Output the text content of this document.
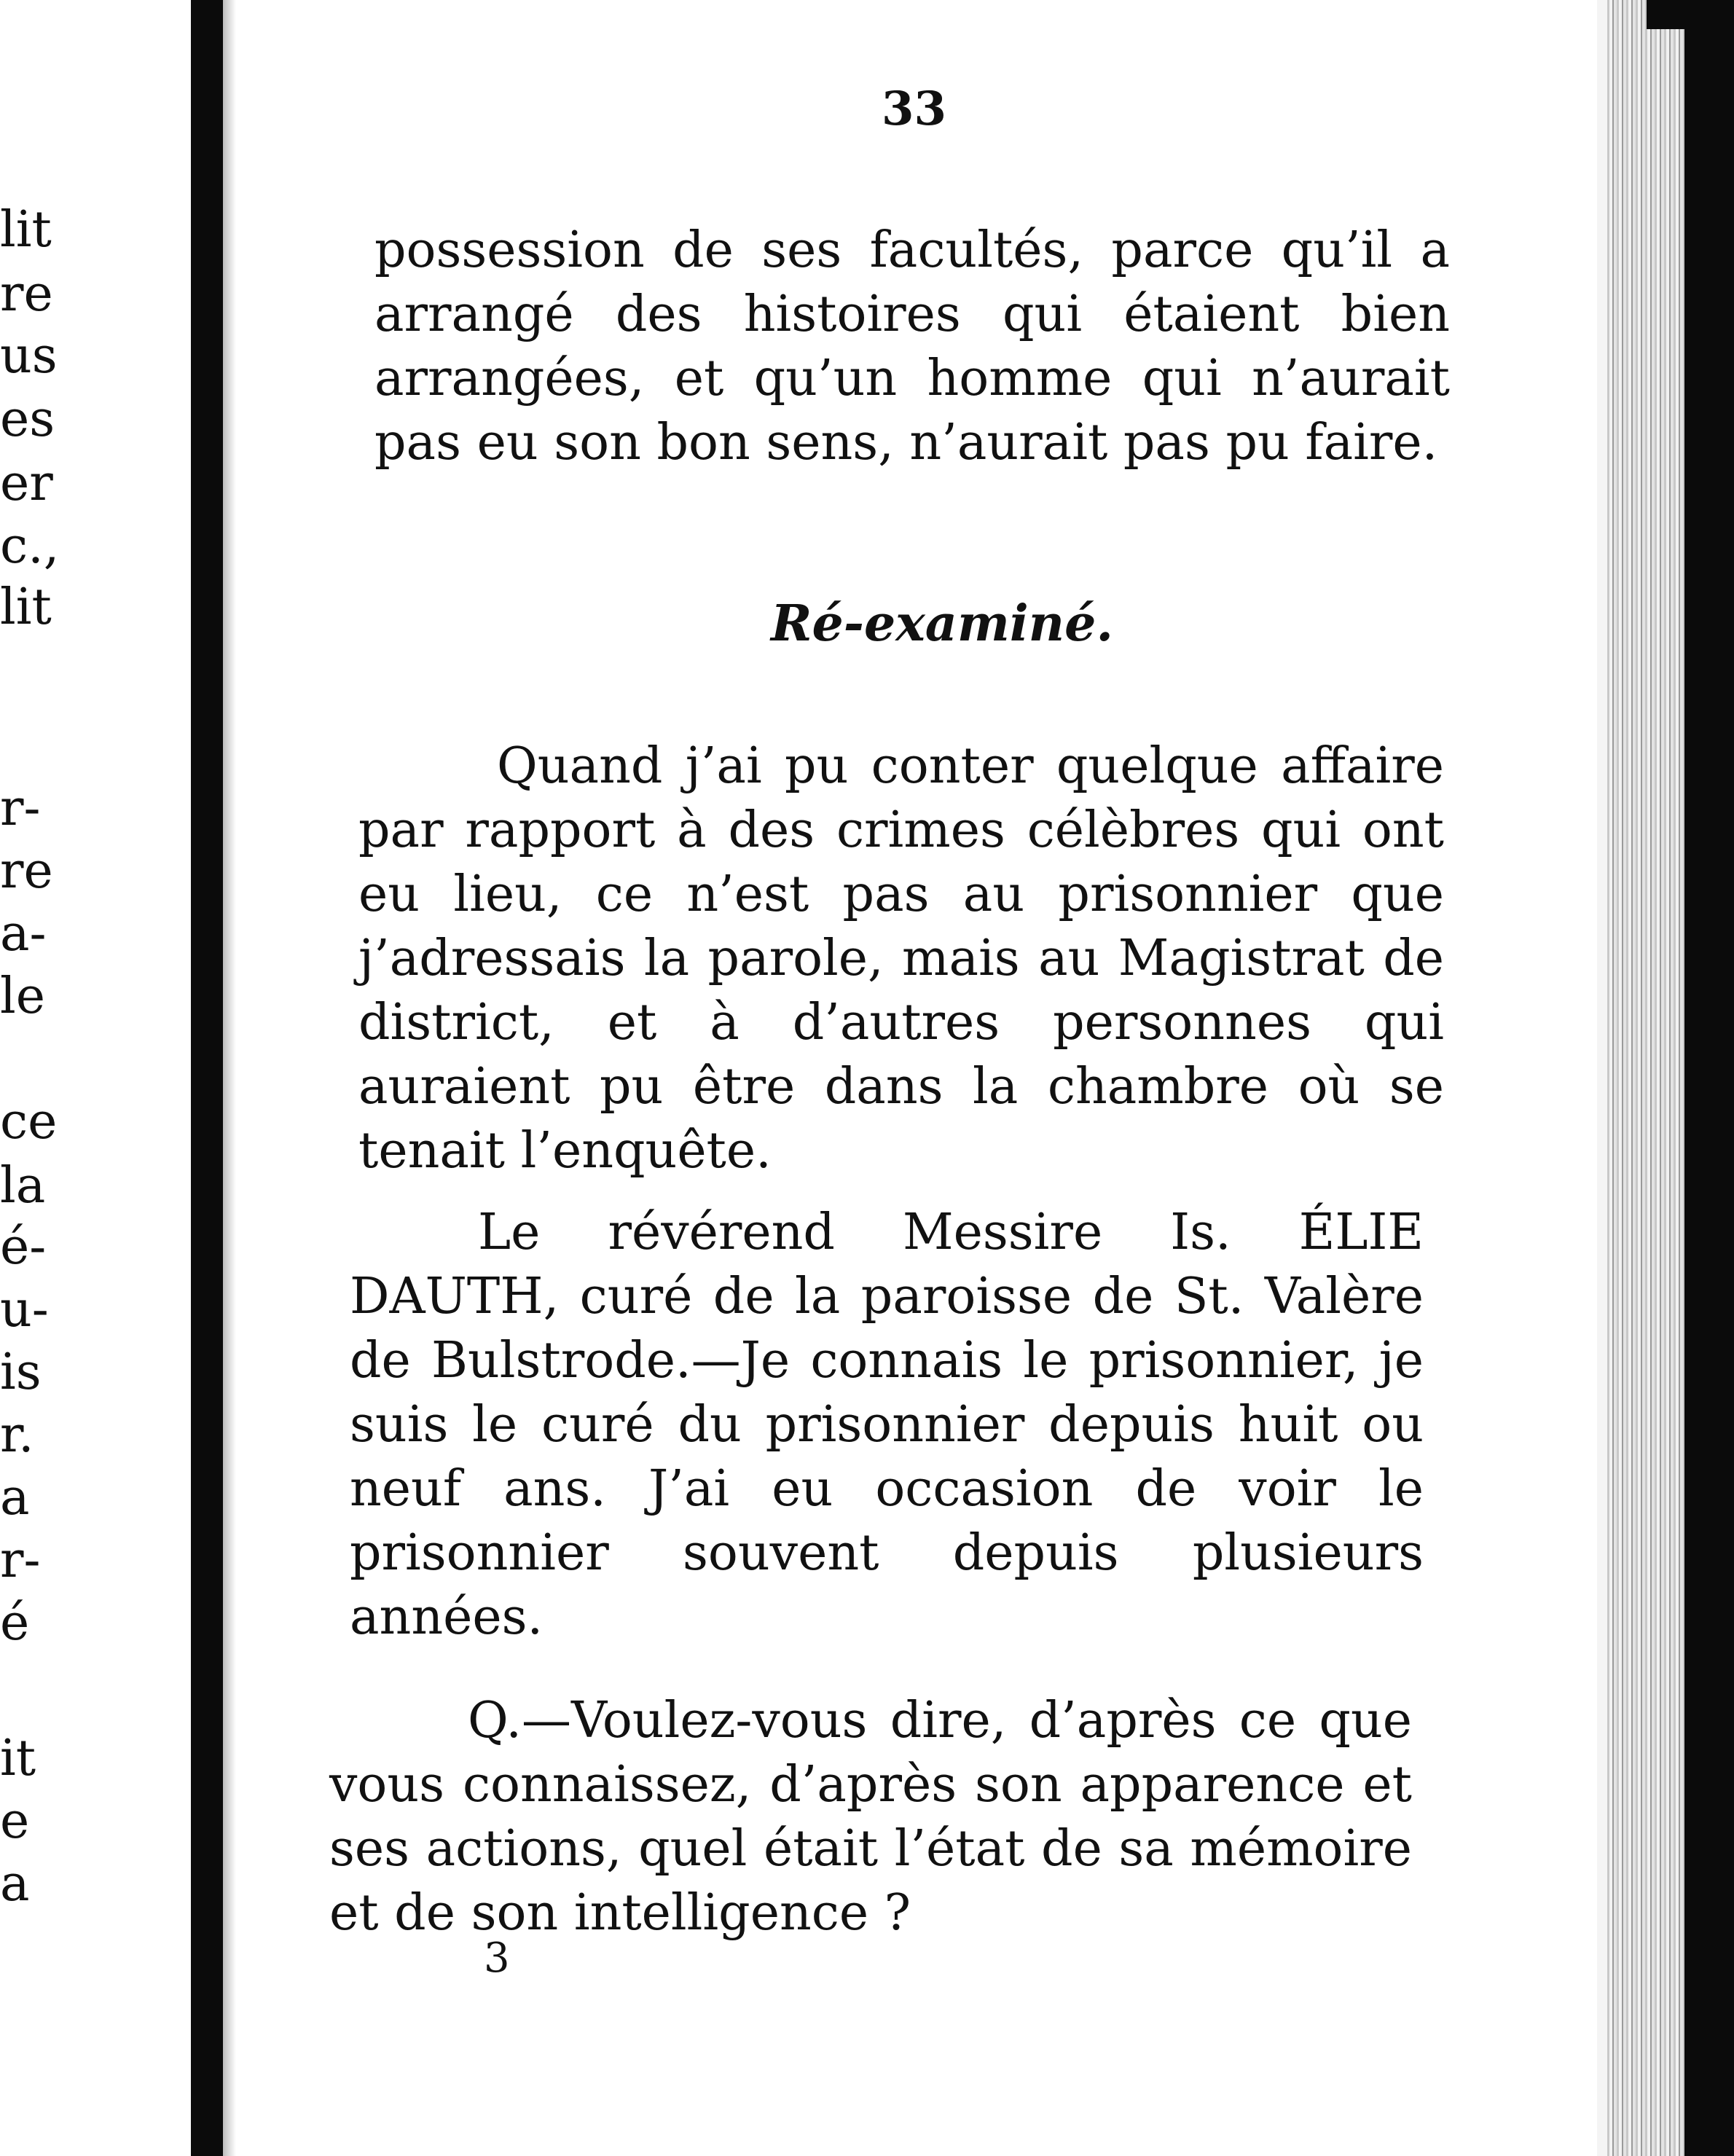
lit
re
us
es
er
c.,
lit
r-
re
a-
le
ce
la
é-
u-
is
r.
a
r-
é
it
e
a
33

possession de ses facultés, parce qu’il a arrangé des histoires qui étaient bien arrangées, et qu’un homme qui n’aurait pas eu son bon sens, n’aurait pas pu faire.

Ré-examiné.

Quand j’ai pu conter quelque affaire par rapport à des crimes célèbres qui ont eu lieu, ce n’est pas au prisonnier que j’adressais la parole, mais au Magistrat de district, et à d’autres personnes qui auraient pu être dans la chambre où se tenait l’enquête.

Le révérend Messire Is. ÉLIE DAUTH, curé de la paroisse de St. Valère de Bulstrode.—Je connais le prisonnier, je suis le curé du prisonnier depuis huit ou neuf ans. J’ai eu occasion de voir le prisonnier souvent depuis plusieurs années.

Q.—Voulez-vous dire, d’après ce que vous connaissez, d’après son apparence et ses actions, quel était l’état de sa mémoire et de son intelligence ?

3
